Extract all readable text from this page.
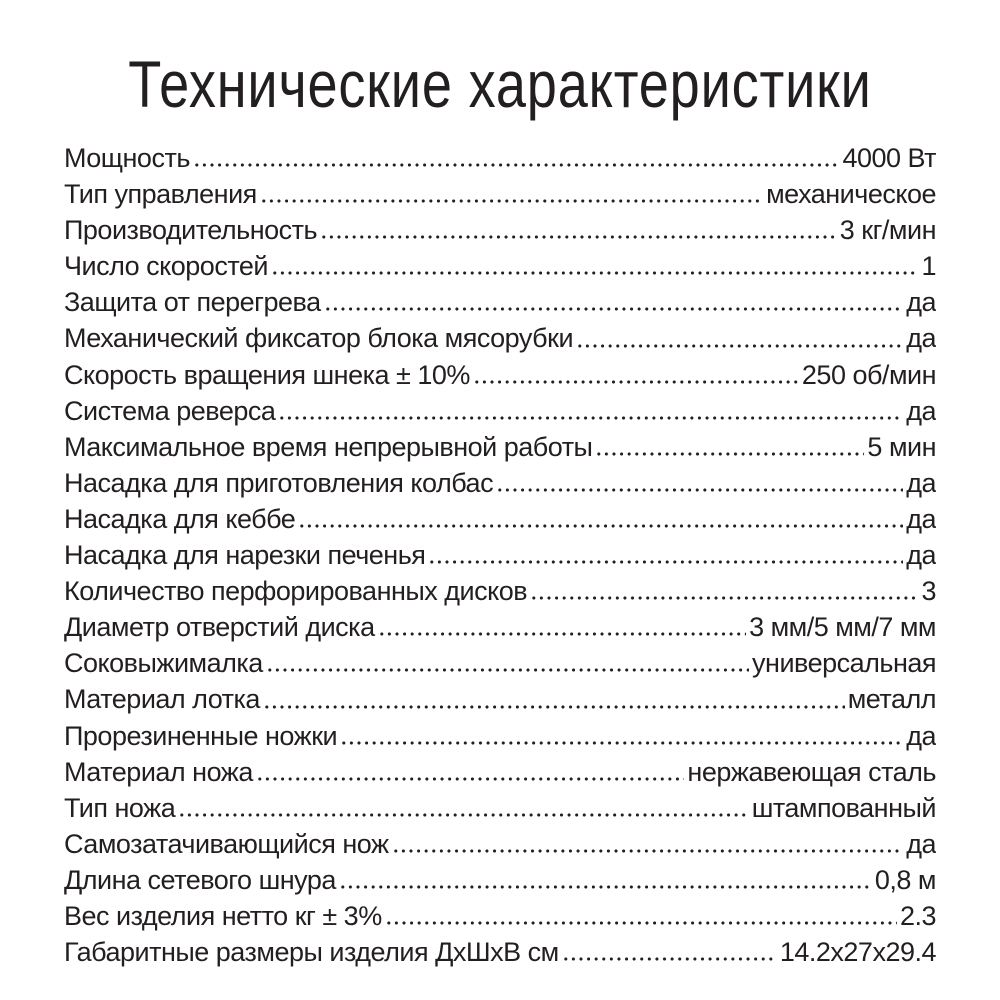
Технические характеристики
Мощность	4000 Вт
Тип управления	механическое
Производительность	3 кг/мин
Число скоростей	1
Защита от перегрева	да
Механический фиксатор блока мясорубки	да
Скорость вращения шнека ± 10%	250 об/мин
Система реверса	да
Максимальное время непрерывной работы	5 мин
Насадка для приготовления колбас	да
Насадка для кеббе	да
Насадка для нарезки печенья	да
Количество перфорированных дисков	3
Диаметр отверстий диска	3 мм/5 мм/7 мм
Соковыжималка	универсальная
Материал лотка	металл
Прорезиненные ножки	да
Материал ножа	нержавеющая сталь
Тип ножа	штампованный
Самозатачивающийся нож	да
Длина сетевого шнура	0,8 м
Вес изделия нетто кг ± 3%	2.3
Габаритные размеры изделия ДхШхВ см	14.2x27x29.4
